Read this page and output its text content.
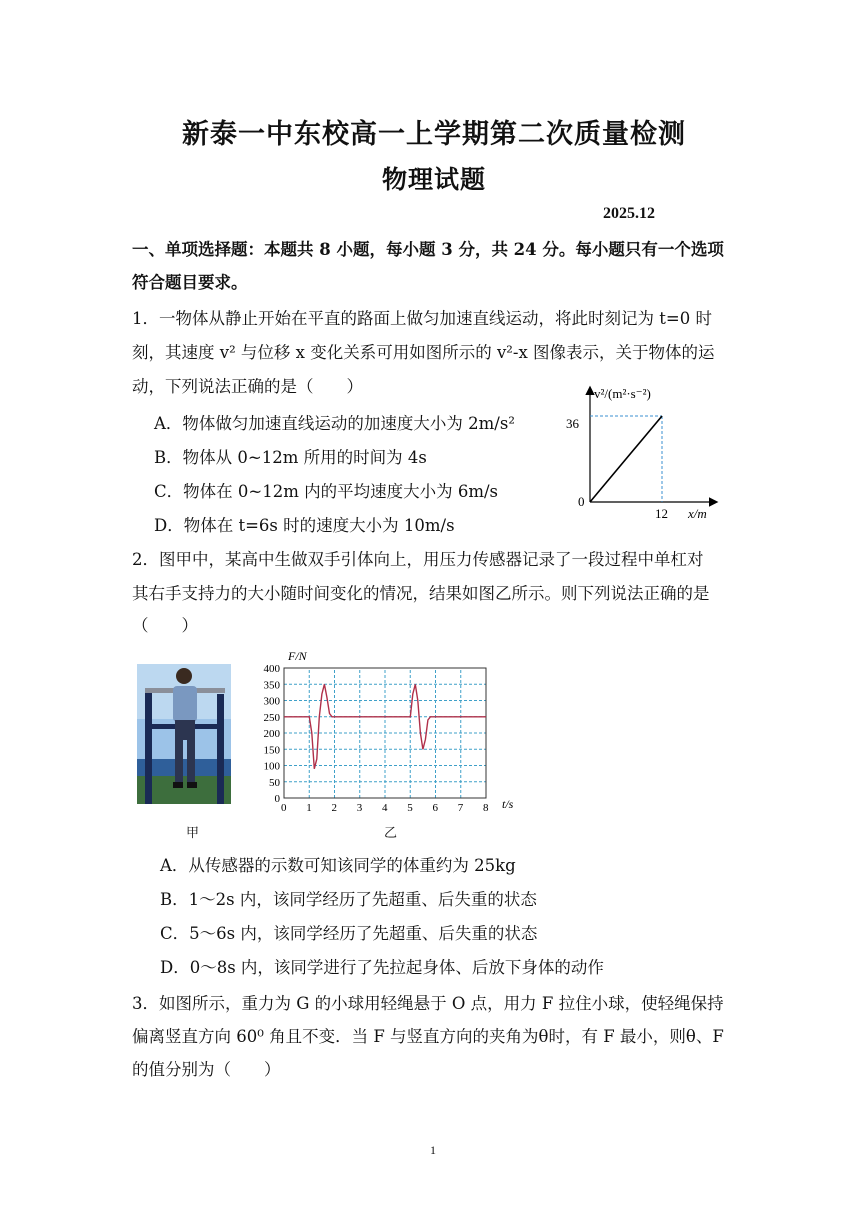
新泰一中东校高一上学期第二次质量检测
物理试题
2025.12
一、单项选择题：本题共 8 小题，每小题 3 分，共 24 分。每小题只有一个选项
符合题目要求。
1．一物体从静止开始在平直的路面上做匀加速直线运动，将此时刻记为 t=0 时
刻，其速度 v² 与位移 x 变化关系可用如图所示的 v²-x 图像表示，关于物体的运
动，下列说法正确的是（　　）
A．物体做匀加速直线运动的加速度大小为 2m/s²
B．物体从 0~12m 所用的时间为 4s
C．物体在 0~12m 内的平均速度大小为 6m/s
D．物体在 t=6s 时的速度大小为 10m/s
v²/(m²·s⁻²)
x/m
36
12
0
2．图甲中，某高中生做双手引体向上，用压力传感器记录了一段过程中单杠对
其右手支持力的大小随时间变化的情况，结果如图乙所示。则下列说法正确的是
（　　）
甲
0 1 2 3 4 5 6 7 8
0
50
100
150
200
250
300
350
400
F/N
t/s
乙
A．从传感器的示数可知该同学的体重约为 25kg
B．1～2s 内，该同学经历了先超重、后失重的状态
C．5～6s 内，该同学经历了先超重、后失重的状态
D．0～8s 内，该同学进行了先拉起身体、后放下身体的动作
3．如图所示，重力为 G 的小球用轻绳悬于 O 点，用力 F 拉住小球，使轻绳保持
偏离竖直方向 60⁰ 角且不变．当 F 与竖直方向的夹角为θ时，有 F 最小，则θ、F
的值分别为（　　）
1
